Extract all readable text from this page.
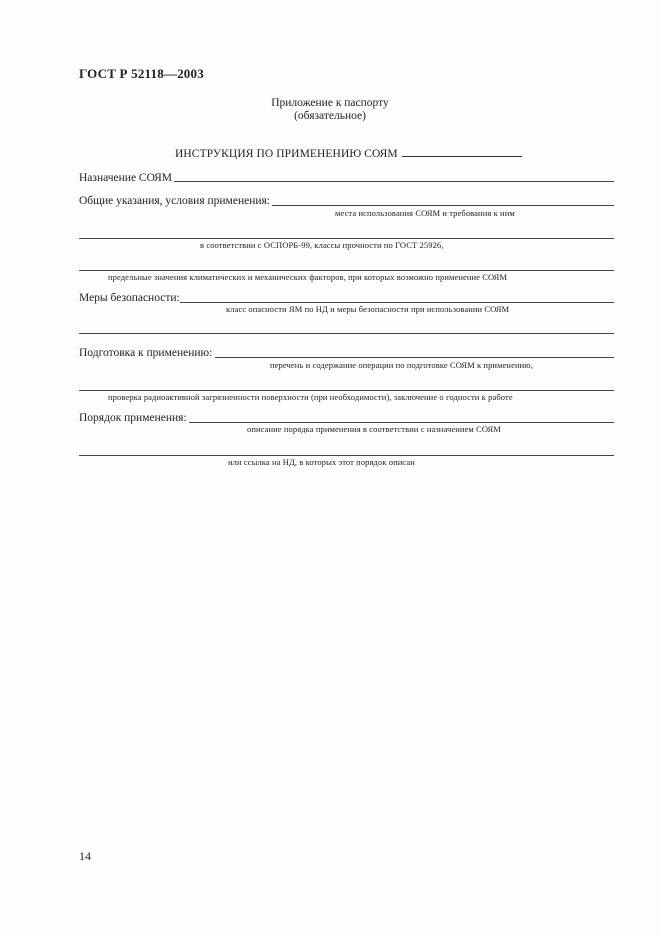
ГОСТ Р 52118—2003
Приложение к паспорту
(обязательное)
ИНСТРУКЦИЯ ПО ПРИМЕНЕНИЮ СОЯМ
Назначение СОЯМ
Общие указания, условия применения:
места использования СОЯМ и требования к ним
в соответствии с ОСПОРБ-99, классы прочности по ГОСТ 25926,
предельные значения климатических и механических факторов, при которых возможно применение СОЯМ
Меры безопасности:
класс опасности ЯМ по НД и меры безопасности при использовании СОЯМ
Подготовка к применению:
перечень и содержание операции по подготовке СОЯМ к применению,
проверка радиоактивной загрязненности поверхности (при необходимости), заключение о годности к работе
Порядок применения:
описание порядка применения в соответствии с назначением СОЯМ
или ссылка на НД, в которых этот порядок описан
14
